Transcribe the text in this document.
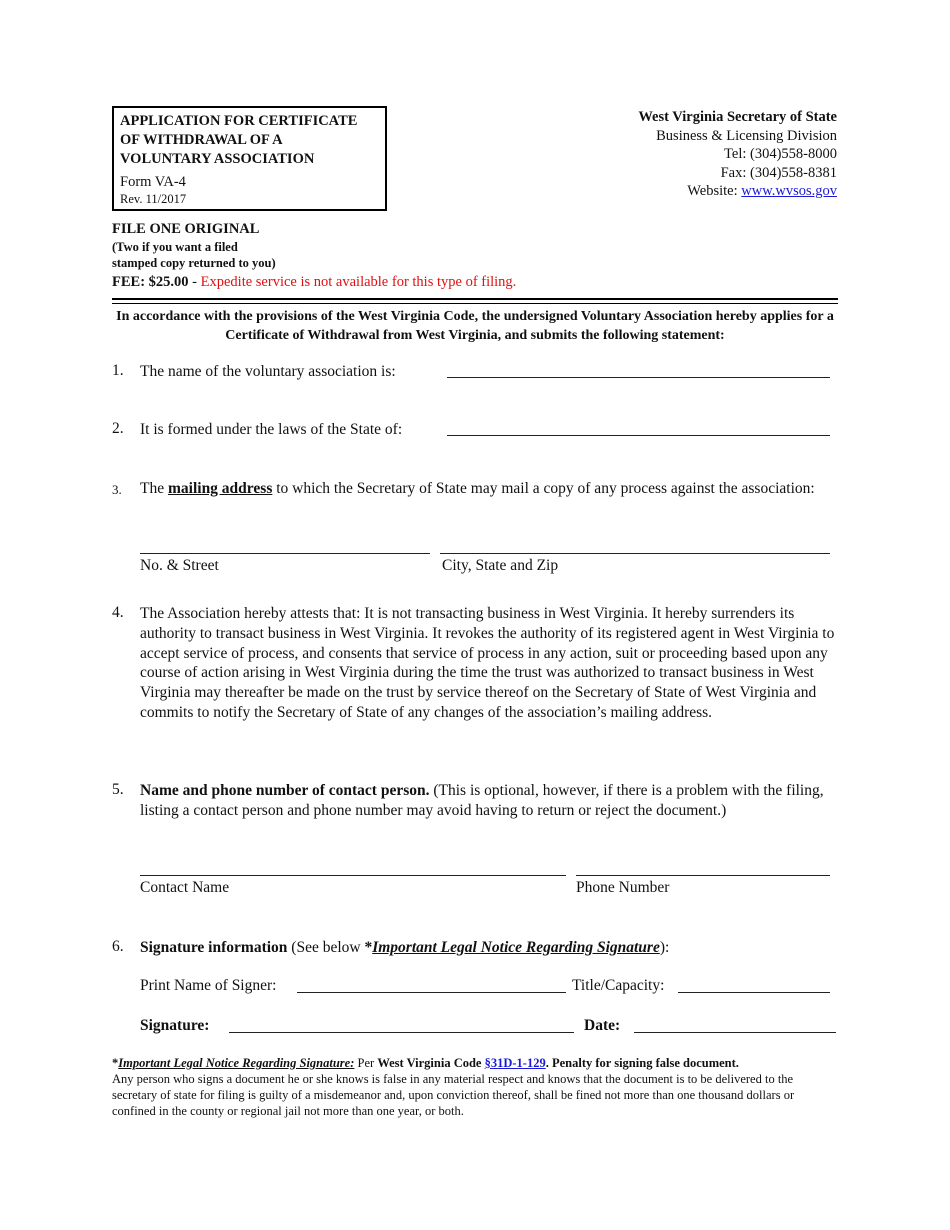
APPLICATION FOR CERTIFICATE
OF WITHDRAWAL OF A
VOLUNTARY ASSOCIATION
Form VA-4
Rev. 11/2017
West Virginia Secretary of State
Business & Licensing Division
Tel: (304)558-8000
Fax: (304)558-8381
Website: www.wvsos.gov
FILE ONE ORIGINAL
(Two if you want a filed
stamped copy returned to you)
FEE: $25.00 - Expedite service is not available for this type of filing.
In accordance with the provisions of the West Virginia Code, the undersigned Voluntary Association hereby applies for a Certificate of Withdrawal from West Virginia, and submits the following statement:
1. The name of the voluntary association is:
2. It is formed under the laws of the State of:
3. The mailing address to which the Secretary of State may mail a copy of any process against the association:
No. & Street	City, State and Zip
4. The Association hereby attests that: It is not transacting business in West Virginia. It hereby surrenders its authority to transact business in West Virginia. It revokes the authority of its registered agent in West Virginia to accept service of process, and consents that service of process in any action, suit or proceeding based upon any course of action arising in West Virginia during the time the trust was authorized to transact business in West Virginia may thereafter be made on the trust by service thereof on the Secretary of State of West Virginia and commits to notify the Secretary of State of any changes of the association’s mailing address.
5. Name and phone number of contact person. (This is optional, however, if there is a problem with the filing, listing a contact person and phone number may avoid having to return or reject the document.)
Contact Name	Phone Number
6. Signature information (See below *Important Legal Notice Regarding Signature):
Print Name of Signer:	Title/Capacity:
Signature:	Date:
*Important Legal Notice Regarding Signature: Per West Virginia Code §31D-1-129. Penalty for signing false document.
Any person who signs a document he or she knows is false in any material respect and knows that the document is to be delivered to the secretary of state for filing is guilty of a misdemeanor and, upon conviction thereof, shall be fined not more than one thousand dollars or confined in the county or regional jail not more than one year, or both.
